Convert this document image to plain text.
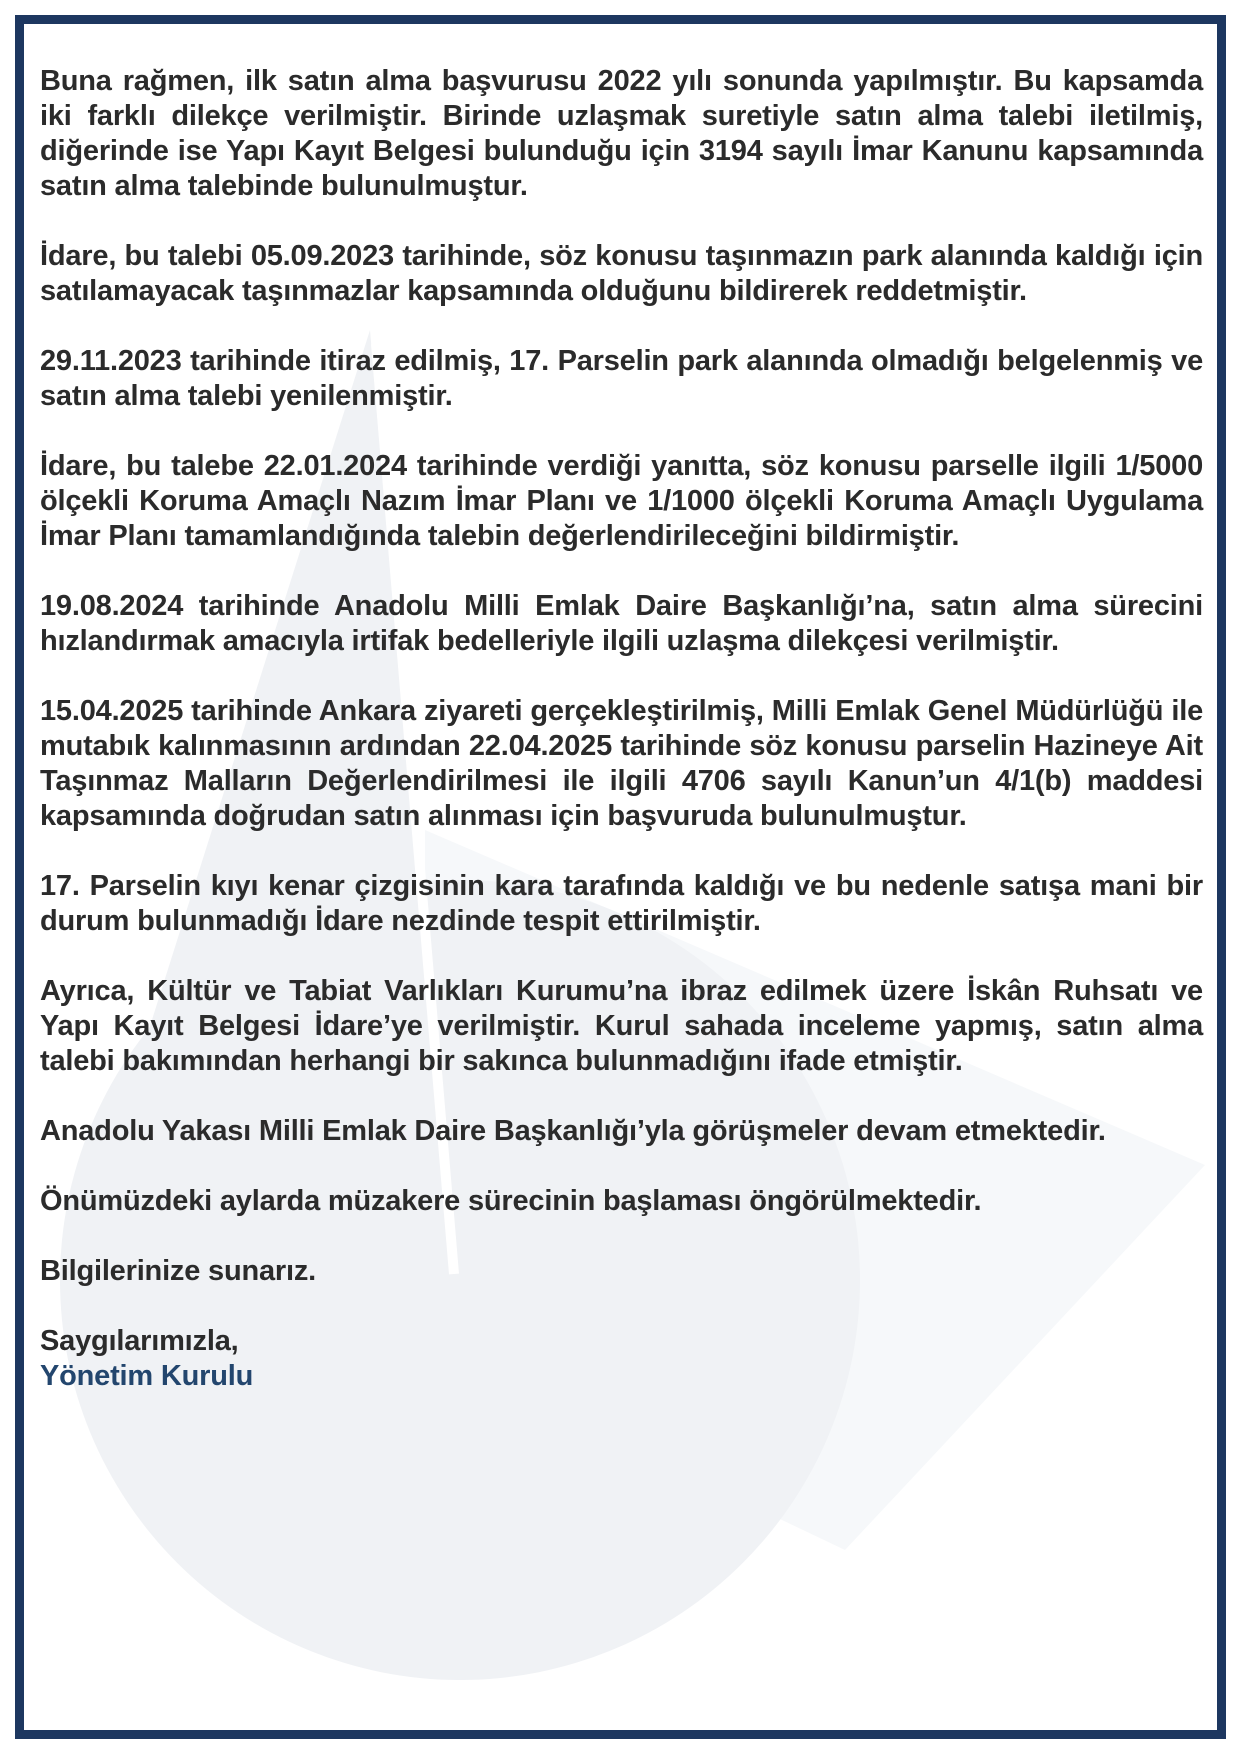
Buna rağmen, ilk satın alma başvurusu 2022 yılı sonunda yapılmıştır. Bu kapsamda iki farklı dilekçe verilmiştir. Birinde uzlaşmak suretiyle satın alma talebi iletilmiş, diğerinde ise Yapı Kayıt Belgesi bulunduğu için 3194 sayılı İmar Kanunu kapsamında satın alma talebinde bulunulmuştur.

İdare, bu talebi 05.09.2023 tarihinde, söz konusu taşınmazın park alanında kaldığı için satılamayacak taşınmazlar kapsamında olduğunu bildirerek reddetmiştir.

29.11.2023 tarihinde itiraz edilmiş, 17. Parselin park alanında olmadığı belgelenmiş ve satın alma talebi yenilenmiştir.

İdare, bu talebe 22.01.2024 tarihinde verdiği yanıtta, söz konusu parselle ilgili 1/5000 ölçekli Koruma Amaçlı Nazım İmar Planı ve 1/1000 ölçekli Koruma Amaçlı Uygulama İmar Planı tamamlandığında talebin değerlendirileceğini bildirmiştir.

19.08.2024 tarihinde Anadolu Milli Emlak Daire Başkanlığı’na, satın alma sürecini hızlandırmak amacıyla irtifak bedelleriyle ilgili uzlaşma dilekçesi verilmiştir.

15.04.2025 tarihinde Ankara ziyareti gerçekleştirilmiş, Milli Emlak Genel Müdürlüğü ile mutabık kalınmasının ardından 22.04.2025 tarihinde söz konusu parselin Hazineye Ait Taşınmaz Malların Değerlendirilmesi ile ilgili 4706 sayılı Kanun’un 4/1(b) maddesi kapsamında doğrudan satın alınması için başvuruda bulunulmuştur.

17. Parselin kıyı kenar çizgisinin kara tarafında kaldığı ve bu nedenle satışa mani bir durum bulunmadığı İdare nezdinde tespit ettirilmiştir.

Ayrıca, Kültür ve Tabiat Varlıkları Kurumu’na ibraz edilmek üzere İskân Ruhsatı ve Yapı Kayıt Belgesi İdare’ye verilmiştir. Kurul sahada inceleme yapmış, satın alma talebi bakımından herhangi bir sakınca bulunmadığını ifade etmiştir.

Anadolu Yakası Milli Emlak Daire Başkanlığı’yla görüşmeler devam etmektedir.

Önümüzdeki aylarda müzakere sürecinin başlaması öngörülmektedir.

Bilgilerinize sunarız.

Saygılarımızla,

Yönetim Kurulu
